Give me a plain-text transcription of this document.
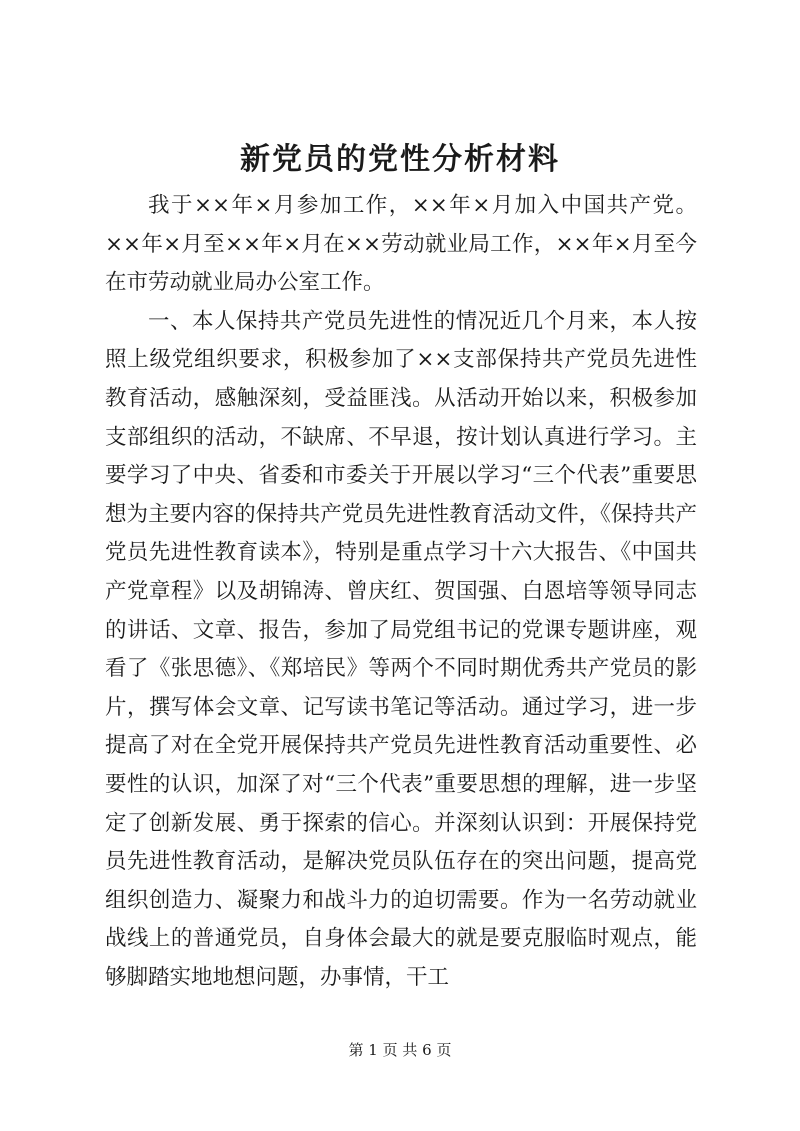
新党员的党性分析材料

我于××年×月参加工作，××年×月加入中国共产党。××年×月至××年×月在××劳动就业局工作，××年×月至今在市劳动就业局办公室工作。

一、本人保持共产党员先进性的情况近几个月来，本人按照上级党组织要求，积极参加了××支部保持共产党员先进性教育活动，感触深刻，受益匪浅。从活动开始以来，积极参加支部组织的活动，不缺席、不早退，按计划认真进行学习。主要学习了中央、省委和市委关于开展以学习“三个代表”重要思想为主要内容的保持共产党员先进性教育活动文件，《保持共产党员先进性教育读本》，特别是重点学习十六大报告、《中国共产党章程》以及胡锦涛、曾庆红、贺国强、白恩培等领导同志的讲话、文章、报告，参加了局党组书记的党课专题讲座，观看了《张思德》、《郑培民》等两个不同时期优秀共产党员的影片，撰写体会文章、记写读书笔记等活动。通过学习，进一步提高了对在全党开展保持共产党员先进性教育活动重要性、必要性的认识，加深了对“三个代表”重要思想的理解，进一步坚定了创新发展、勇于探索的信心。并深刻认识到：开展保持党员先进性教育活动，是解决党员队伍存在的突出问题，提高党组织创造力、凝聚力和战斗力的迫切需要。作为一名劳动就业战线上的普通党员，自身体会最大的就是要克服临时观点，能够脚踏实地地想问题，办事情，干工

第 1 页 共 6 页
